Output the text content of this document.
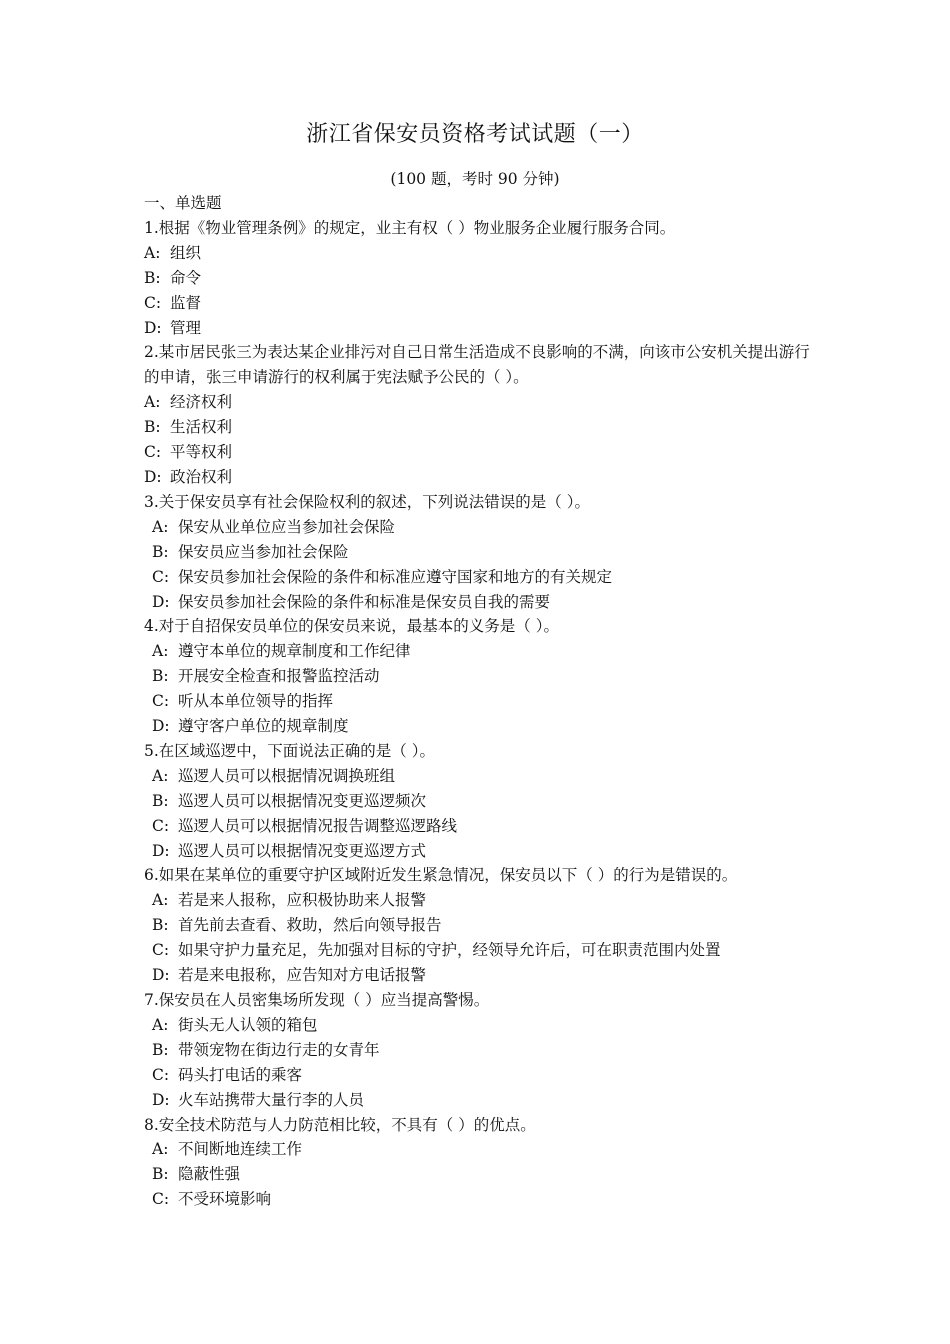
浙江省保安员资格考试试题（一）
(100 题，考时 90 分钟)
一、单选题
1.根据《物业管理条例》的规定，业主有权（ ）物业服务企业履行服务合同。
A: 组织
B: 命令
C: 监督
D: 管理
2.某市居民张三为表达某企业排污对自己日常生活造成不良影响的不满，向该市公安机关提出游行的申请，张三申请游行的权利属于宪法赋予公民的（ ）。
A: 经济权利
B: 生活权利
C: 平等权利
D: 政治权利
3.关于保安员享有社会保险权利的叙述，下列说法错误的是（ ）。
A: 保安从业单位应当参加社会保险
B: 保安员应当参加社会保险
C: 保安员参加社会保险的条件和标准应遵守国家和地方的有关规定
D: 保安员参加社会保险的条件和标准是保安员自我的需要
4.对于自招保安员单位的保安员来说，最基本的义务是（ ）。
A: 遵守本单位的规章制度和工作纪律
B: 开展安全检查和报警监控活动
C: 听从本单位领导的指挥
D: 遵守客户单位的规章制度
5.在区域巡逻中，下面说法正确的是（ ）。
A: 巡逻人员可以根据情况调换班组
B: 巡逻人员可以根据情况变更巡逻频次
C: 巡逻人员可以根据情况报告调整巡逻路线
D: 巡逻人员可以根据情况变更巡逻方式
6.如果在某单位的重要守护区域附近发生紧急情况，保安员以下（ ）的行为是错误的。
A: 若是来人报称，应积极协助来人报警
B: 首先前去查看、救助，然后向领导报告
C: 如果守护力量充足，先加强对目标的守护，经领导允许后，可在职责范围内处置
D: 若是来电报称，应告知对方电话报警
7.保安员在人员密集场所发现（ ）应当提高警惕。
A: 街头无人认领的箱包
B: 带领宠物在街边行走的女青年
C: 码头打电话的乘客
D: 火车站携带大量行李的人员
8.安全技术防范与人力防范相比较，不具有（ ）的优点。
A: 不间断地连续工作
B: 隐蔽性强
C: 不受环境影响
